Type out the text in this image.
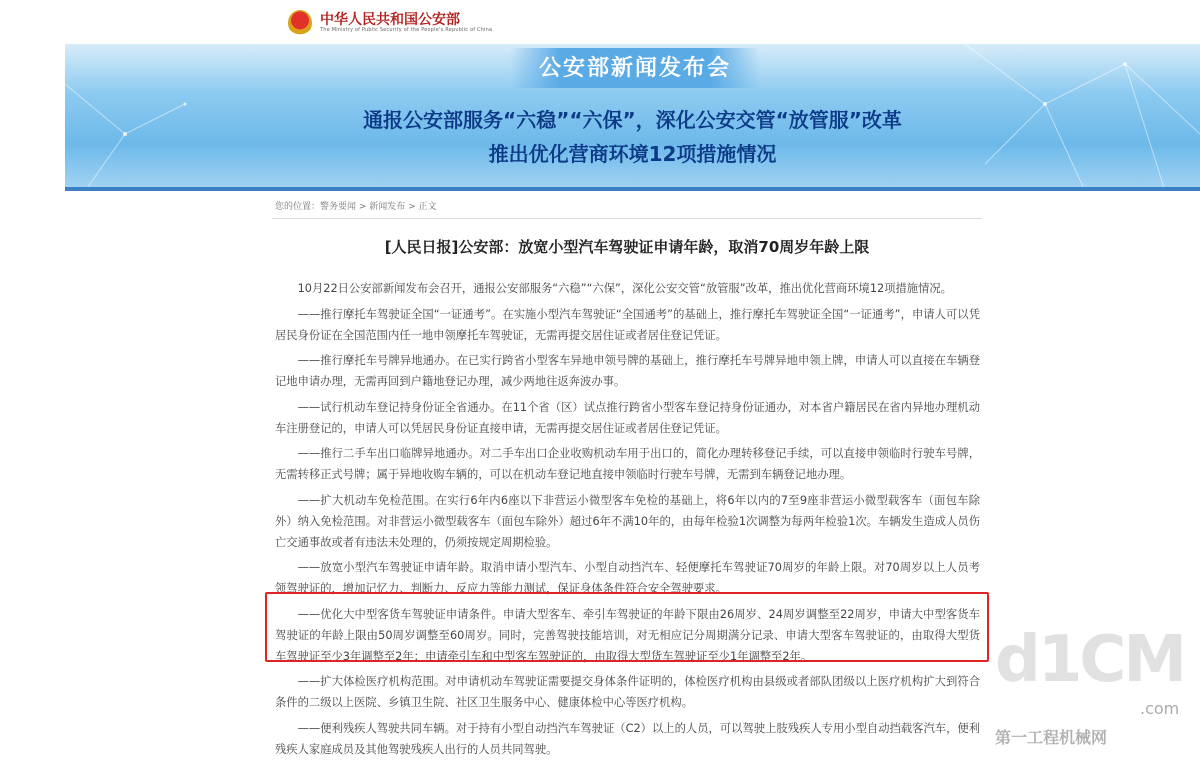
中华人民共和国公安部
The Ministry of Public Security of the People's Republic of China
公安部新闻发布会
通报公安部服务“六稳”“六保”，深化公安交管“放管服”改革
推出优化营商环境12项措施情况
您的位置：警务要闻 > 新闻发布 > 正文
[人民日报]公安部：放宽小型汽车驾驶证申请年龄，取消70周岁年龄上限

10月22日公安部新闻发布会召开，通报公安部服务“六稳”“六保”，深化公安交管“放管服”改革，推出优化营商环境12项措施情况。

——推行摩托车驾驶证全国“一证通考”。在实施小型汽车驾驶证“全国通考”的基础上，推行摩托车驾驶证全国“一证通考”，申请人可以凭居民身份证在全国范围内任一地申领摩托车驾驶证，无需再提交居住证或者居住登记凭证。

——推行摩托车号牌异地通办。在已实行跨省小型客车异地申领号牌的基础上，推行摩托车号牌异地申领上牌，申请人可以直接在车辆登记地申请办理，无需再回到户籍地登记办理，减少两地往返奔波办事。

——试行机动车登记持身份证全省通办。在11个省（区）试点推行跨省小型客车登记持身份证通办，对本省户籍居民在省内异地办理机动车注册登记的，申请人可以凭居民身份证直接申请，无需再提交居住证或者居住登记凭证。

——推行二手车出口临牌异地通办。对二手车出口企业收购机动车用于出口的，简化办理转移登记手续，可以直接申领临时行驶车号牌，无需转移正式号牌；属于异地收购车辆的，可以在机动车登记地直接申领临时行驶车号牌，无需到车辆登记地办理。

——扩大机动车免检范围。在实行6年内6座以下非营运小微型客车免检的基础上，将6年以内的7至9座非营运小微型载客车（面包车除外）纳入免检范围。对非营运小微型载客车（面包车除外）超过6年不满10年的，由每年检验1次调整为每两年检验1次。车辆发生造成人员伤亡交通事故或者有违法未处理的，仍须按规定周期检验。

——放宽小型汽车驾驶证申请年龄。取消申请小型汽车、小型自动挡汽车、轻便摩托车驾驶证70周岁的年龄上限。对70周岁以上人员考领驾驶证的，增加记忆力、判断力、反应力等能力测试，保证身体条件符合安全驾驶要求。

——优化大中型客货车驾驶证申请条件。申请大型客车、牵引车驾驶证的年龄下限由26周岁、24周岁调整至22周岁，申请大中型客货车驾驶证的年龄上限由50周岁调整至60周岁。同时，完善驾驶技能培训，对无相应记分周期满分记录、申请大型客车驾驶证的，由取得大型货车驾驶证至少3年调整至2年；申请牵引车和中型客车驾驶证的，由取得大型货车驾驶证至少1年调整至2年。

——扩大体检医疗机构范围。对申请机动车驾驶证需要提交身体条件证明的，体检医疗机构由县级或者部队团级以上医疗机构扩大到符合条件的二级以上医院、乡镇卫生院、社区卫生服务中心、健康体检中心等医疗机构。

——便利残疾人驾驶共同车辆。对于持有小型自动挡汽车驾驶证（C2）以上的人员，可以驾驶上肢残疾人专用小型自动挡载客汽车，便利残疾人家庭成员及其他驾驶残疾人出行的人员共同驾驶。

d1CM
.com
第一工程机械网
